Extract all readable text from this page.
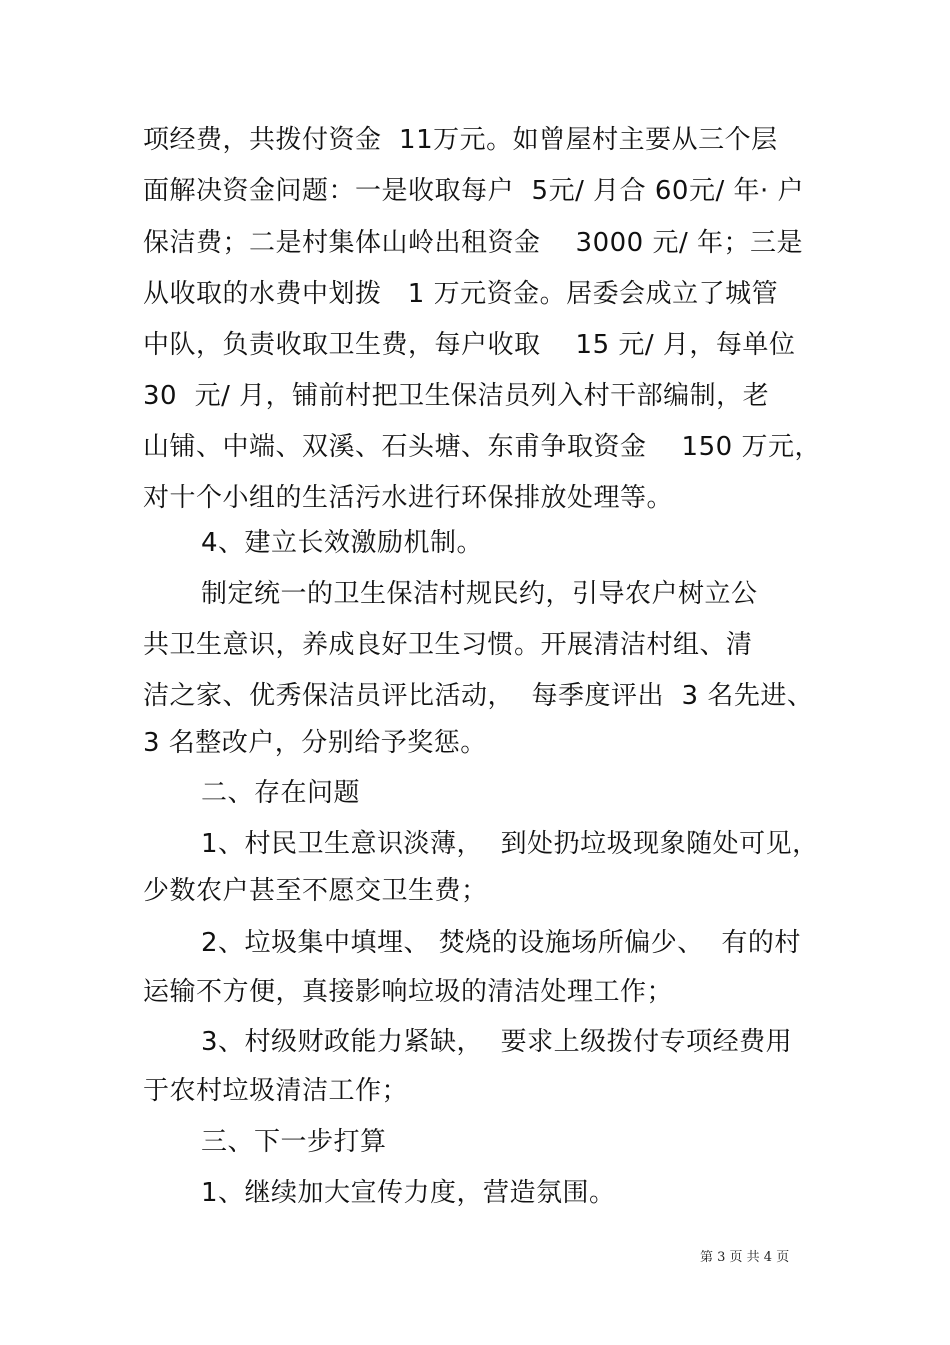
项经费，共拨付资金  11万元。如曾屋村主要从三个层
面解决资金问题：一是收取每户  5元/ 月合 60元/ 年· 户
保洁费；二是村集体山岭出租资金    3000 元/ 年；三是
从收取的水费中划拨   1 万元资金。居委会成立了城管
中队，负责收取卫生费，每户收取    15 元/ 月，每单位
30  元/ 月，铺前村把卫生保洁员列入村干部编制，老
山铺、中端、双溪、石头塘、东甫争取资金    150 万元，
对十个小组的生活污水进行环保排放处理等。
4、建立长效激励机制。
制定统一的卫生保洁村规民约，引导农户树立公
共卫生意识，养成良好卫生习惯。开展清洁村组、清
洁之家、优秀保洁员评比活动，  每季度评出  3 名先进、
3 名整改户，分别给予奖惩。
二、存在问题
1、村民卫生意识淡薄，  到处扔垃圾现象随处可见，
少数农户甚至不愿交卫生费；
2、垃圾集中填埋、 焚烧的设施场所偏少、  有的村
运输不方便，真接影响垃圾的清洁处理工作；
3、村级财政能力紧缺，  要求上级拨付专项经费用
于农村垃圾清洁工作；
三、下一步打算
1、继续加大宣传力度，营造氛围。
第 3 页 共 4 页
